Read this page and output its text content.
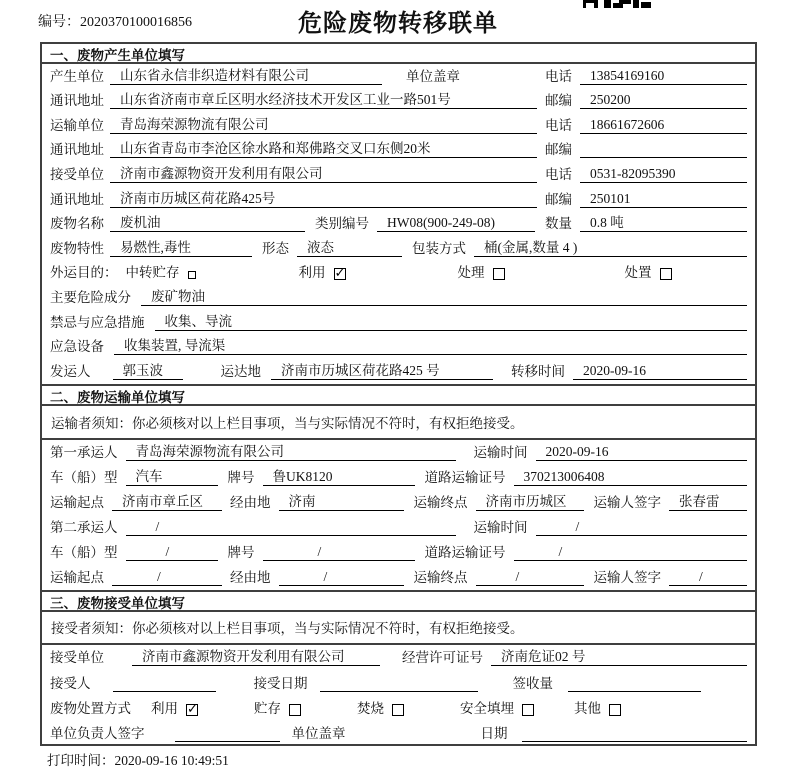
编号：2020370100016856	危险废物转移联单
一、废物产生单位填写
产生单位	山东省永信非织造材料有限公司	单位盖章	电话	13854169160
通讯地址	山东省济南市章丘区明水经济技术开发区工业一路501号	邮编	250200
运输单位	青岛海荣源物流有限公司	电话	18661672606
通讯地址	山东省青岛市李沧区徐水路和郑佛路交叉口东侧20米	邮编
接受单位	济南市鑫源物资开发利用有限公司	电话	0531-82095390
通讯地址	济南市历城区荷花路425号	邮编	250101
废物名称	废机油	类别编号	HW08(900-249-08)	数量	0.8 吨
废物特性	易燃性,毒性	形态	液态	包装方式	桶(金属,数量 4 )
外运目的： 中转贮存	利用 ✓	处理	处置
主要危险成分	废矿物油
禁忌与应急措施	收集、导流
应急设备	收集装置, 导流渠
发运人	郭玉波	运达地	济南市历城区荷花路425 号	转移时间	2020-09-16
二、废物运输单位填写
运输者须知：你必须核对以上栏目事项，当与实际情况不符时，有权拒绝接受。
第一承运人	青岛海荣源物流有限公司	运输时间	2020-09-16
车（船）型	汽车	牌号	鲁UK8120	道路运输证号	370213006408
运输起点	济南市章丘区	经由地	济南	运输终点	济南市历城区	运输人签字	张春雷
第二承运人	/	运输时间	/
车（船）型	/	牌号	/	道路运输证号	/
运输起点	/	经由地	/	运输终点	/	运输人签字	/
三、废物接受单位填写
接受者须知：你必须核对以上栏目事项，当与实际情况不符时，有权拒绝接受。
接受单位	济南市鑫源物资开发利用有限公司	经营许可证号	济南危证02 号
接受人	接受日期	签收量
废物处置方式 利用 ✓	贮存	焚烧	安全填埋	其他
单位负责人签字	单位盖章	日期
打印时间：2020-09-16 10:49:51
